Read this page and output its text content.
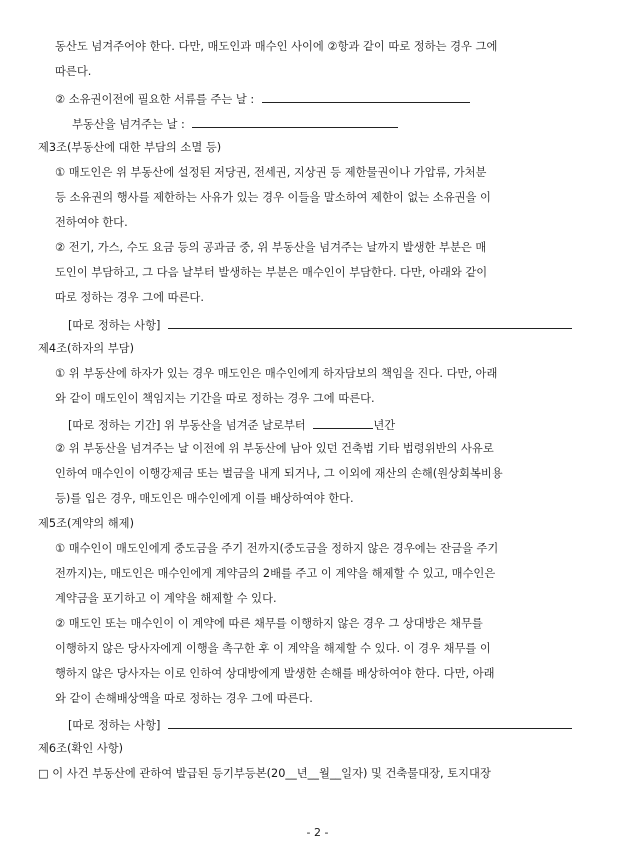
동산도 넘겨주어야 한다. 다만, 매도인과 매수인 사이에 ②항과 같이 따로 정하는 경우 그에
따른다.
② 소유권이전에 필요한 서류를 주는 날 :
부동산을 넘겨주는 날 :
제3조(부동산에 대한 부담의 소멸 등)
① 매도인은 위 부동산에 설정된 저당권, 전세권, 지상권 등 제한물권이나 가압류, 가처분
등 소유권의 행사를 제한하는 사유가 있는 경우 이들을 말소하여 제한이 없는 소유권을 이
전하여야 한다.
② 전기, 가스, 수도 요금 등의 공과금 중, 위 부동산을 넘겨주는 날까지 발생한 부분은 매
도인이 부담하고, 그 다음 날부터 발생하는 부분은 매수인이 부담한다. 다만, 아래와 같이
따로 정하는 경우 그에 따른다.
[따로 정하는 사항]
제4조(하자의 부담)
① 위 부동산에 하자가 있는 경우 매도인은 매수인에게 하자담보의 책임을 진다. 다만, 아래
와 같이 매도인이 책임지는 기간을 따로 정하는 경우 그에 따른다.
[따로 정하는 기간] 위 부동산을 넘겨준 날로부터	년간
② 위 부동산을 넘겨주는 날 이전에 위 부동산에 남아 있던 건축법 기타 법령위반의 사유로
인하여 매수인이 이행강제금 또는 벌금을 내게 되거나, 그 이외에 재산의 손해(원상회복비용
등)를 입은 경우, 매도인은 매수인에게 이를 배상하여야 한다.
제5조(계약의 해제)
① 매수인이 매도인에게 중도금을 주기 전까지(중도금을 정하지 않은 경우에는 잔금을 주기
전까지)는, 매도인은 매수인에게 계약금의 2배를 주고 이 계약을 해제할 수 있고, 매수인은
계약금을 포기하고 이 계약을 해제할 수 있다.
② 매도인 또는 매수인이 이 계약에 따른 채무를 이행하지 않은 경우 그 상대방은 채무를
이행하지 않은 당사자에게 이행을 촉구한 후 이 계약을 해제할 수 있다. 이 경우 채무를 이
행하지 않은 당사자는 이로 인하여 상대방에게 발생한 손해를 배상하여야 한다. 다만, 아래
와 같이 손해배상액을 따로 정하는 경우 그에 따른다.
[따로 정하는 사항]
제6조(확인 사항)
□ 이 사건 부동산에 관하여 발급된 등기부등본(20__년__월__일자) 및 건축물대장, 토지대장
- 2 -
